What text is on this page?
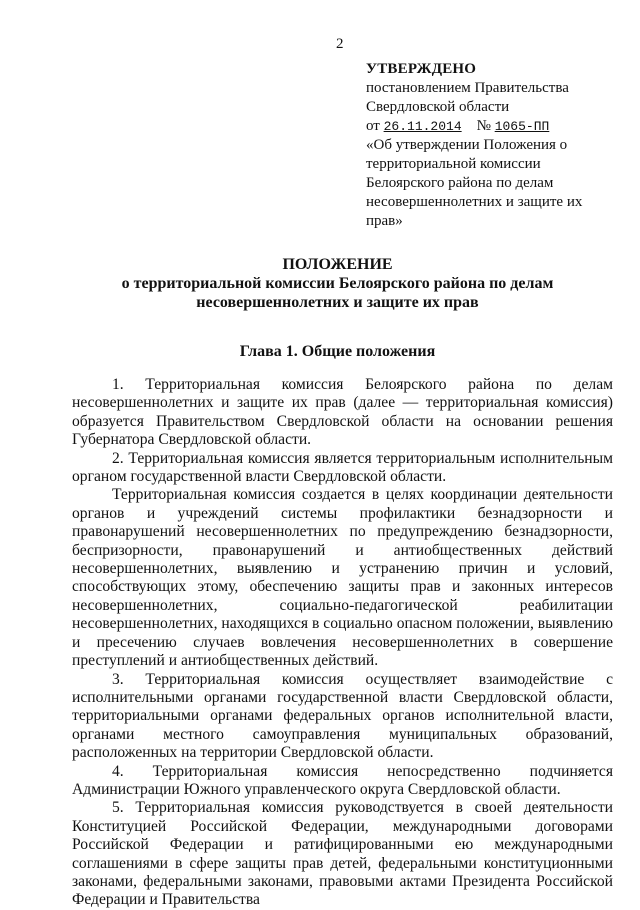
2
УТВЕРЖДЕНО
постановлением Правительства
Свердловской области
от 26.11.2014 № 1065-ПП
«Об утверждении Положения о территориальной комиссии Белоярского района по делам несовершеннолетних и защите их прав»
ПОЛОЖЕНИЕ
о территориальной комиссии Белоярского района по делам несовершеннолетних и защите их прав
Глава 1. Общие положения

1. Территориальная комиссия Белоярского района по делам несовершеннолетних и защите их прав (далее — территориальная комиссия) образуется Правительством Свердловской области на основании решения Губернатора Свердловской области.

2. Территориальная комиссия является территориальным исполнительным органом государственной власти Свердловской области.

Территориальная комиссия создается в целях координации деятельности органов и учреждений системы профилактики безнадзорности и правонарушений несовершеннолетних по предупреждению безнадзорности, беспризорности, правонарушений и антиобщественных действий несовершеннолетних, выявлению и устранению причин и условий, способствующих этому, обеспечению защиты прав и законных интересов несовершеннолетних, социально-педагогической реабилитации несовершеннолетних, находящихся в социально опасном положении, выявлению и пресечению случаев вовлечения несовершеннолетних в совершение преступлений и антиобщественных действий.

3. Территориальная комиссия осуществляет взаимодействие с исполнительными органами государственной власти Свердловской области, территориальными органами федеральных органов исполнительной власти, органами местного самоуправления муниципальных образований, расположенных на территории Свердловской области.

4. Территориальная комиссия непосредственно подчиняется Администрации Южного управленческого округа Свердловской области.

5. Территориальная комиссия руководствуется в своей деятельности Конституцией Российской Федерации, международными договорами Российской Федерации и ратифицированными ею международными соглашениями в сфере защиты прав детей, федеральными конституционными законами, федеральными законами, правовыми актами Президента Российской Федерации и Правительства
